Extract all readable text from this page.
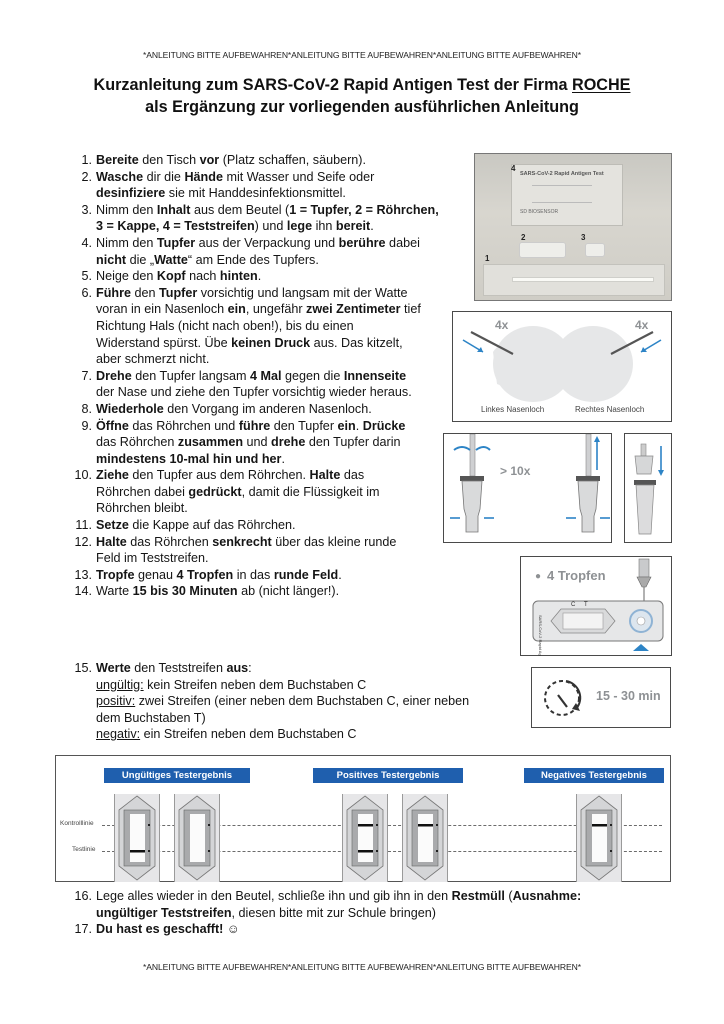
*ANLEITUNG BITTE AUFBEWAHREN*ANLEITUNG BITTE AUFBEWAHREN*ANLEITUNG BITTE AUFBEWAHREN*
Kurzanleitung zum SARS-CoV-2 Rapid Antigen Test der Firma ROCHE
als Ergänzung zur vorliegenden ausführlichen Anleitung
1. Bereite den Tisch vor (Platz schaffen, säubern).
2. Wasche dir die Hände mit Wasser und Seife oder
desinfiziere sie mit Handdesinfektionsmittel.
3. Nimm den Inhalt aus dem Beutel (1 = Tupfer, 2 = Röhrchen,
3 = Kappe, 4 = Teststreifen) und lege ihn bereit.
4. Nimm den Tupfer aus der Verpackung und berühre dabei
nicht die „Watte“ am Ende des Tupfers.
5. Neige den Kopf nach hinten.
6. Führe den Tupfer vorsichtig und langsam mit der Watte
voran in ein Nasenloch ein, ungefähr zwei Zentimeter tief
Richtung Hals (nicht nach oben!), bis du einen
Widerstand spürst. Übe keinen Druck aus. Das kitzelt,
aber schmerzt nicht.
7. Drehe den Tupfer langsam 4 Mal gegen die Innenseite
der Nase und ziehe den Tupfer vorsichtig wieder heraus.
8. Wiederhole den Vorgang im anderen Nasenloch.
9. Öffne das Röhrchen und führe den Tupfer ein. Drücke
das Röhrchen zusammen und drehe den Tupfer darin
mindestens 10-mal hin und her.
10. Ziehe den Tupfer aus dem Röhrchen. Halte das
Röhrchen dabei gedrückt, damit die Flüssigkeit im
Röhrchen bleibt.
11. Setze die Kappe auf das Röhrchen.
12. Halte das Röhrchen senkrecht über das kleine runde
Feld im Teststreifen.
13. Tropfe genau 4 Tropfen in das runde Feld.
14. Warte 15 bis 30 Minuten ab (nicht länger!).
15. Werte den Teststreifen aus:
ungültig: kein Streifen neben dem Buchstaben C
positiv: zwei Streifen (einer neben dem Buchstaben C, einer neben
dem Buchstaben T)
negativ: ein Streifen neben dem Buchstaben C
16. Lege alles wieder in den Beutel, schließe ihn und gib ihn in den Restmüll (Ausnahme:
ungültiger Teststreifen, diesen bitte mit zur Schule bringen)
17. Du hast es geschafft! ☺
*ANLEITUNG BITTE AUFBEWAHREN*ANLEITUNG BITTE AUFBEWAHREN*ANLEITUNG BITTE AUFBEWAHREN*
SARS-CoV-2 Rapid Antigen Test
SD BIOSENSOR
4
2	3
1
4x	4x
Linkes Nasenloch	Rechtes Nasenloch
> 10x
● 4 Tropfen
C T
SARS-CoV-2 Rapid Ag
15 - 30 min
Ungültiges Testergebnis	Positives Testergebnis	Negatives Testergebnis
Kontrolllinie
Testlinie
